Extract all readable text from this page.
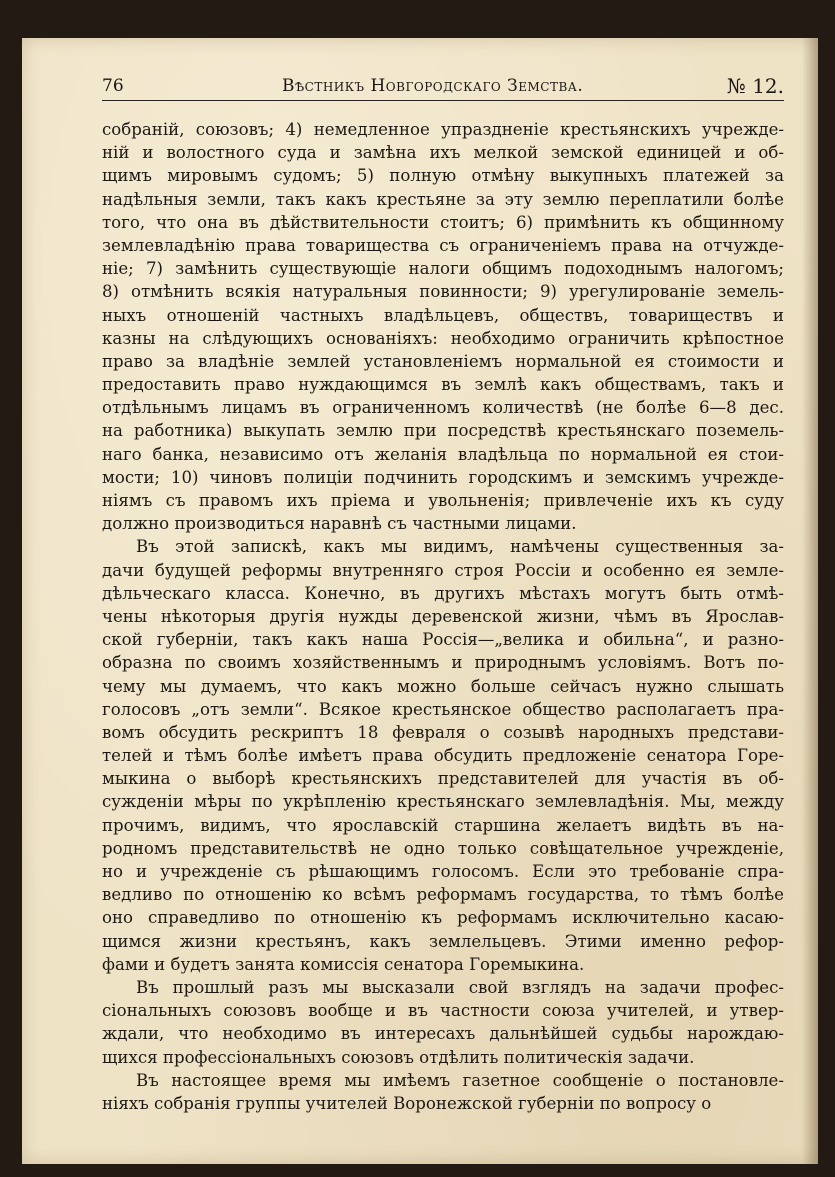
76	Вѣстникъ Новгородскаго Земства.	№ 12.
собраній, союзовъ; 4) немедленное упраздненіе крестьянскихъ учрежде-
ній и волостного суда и замѣна ихъ мелкой земской единицей и об-
щимъ мировымъ судомъ; 5) полную отмѣну выкупныхъ платежей за
надѣльныя земли, такъ какъ крестьяне за эту землю переплатили болѣе
того, что она въ дѣйствительности стоитъ; 6) примѣнить къ общинному
землевладѣнію права товарищества съ ограниченіемъ права на отчужде-
ніе; 7) замѣнить существующіе налоги общимъ подоходнымъ налогомъ;
8) отмѣнить всякія натуральныя повинности; 9) урегулированіе земель-
ныхъ отношеній частныхъ владѣльцевъ, обществъ, товариществъ и
казны на слѣдующихъ основаніяхъ: необходимо ограничить крѣпостное
право за владѣніе землей установленіемъ нормальной ея стоимости и
предоставить право нуждающимся въ землѣ какъ обществамъ, такъ и
отдѣльнымъ лицамъ въ ограниченномъ количествѣ (не болѣе 6—8 дес.
на работника) выкупать землю при посредствѣ крестьянскаго поземель-
наго банка, независимо отъ желанія владѣльца по нормальной ея стои-
мости; 10) чиновъ полиціи подчинить городскимъ и земскимъ учрежде-
ніямъ съ правомъ ихъ пріема и увольненія; привлеченіе ихъ къ суду
должно производиться наравнѣ съ частными лицами.
Въ этой запискѣ, какъ мы видимъ, намѣчены существенныя за-
дачи будущей реформы внутренняго строя Россіи и особенно ея земле-
дѣльческаго класса. Конечно, въ другихъ мѣстахъ могутъ быть отмѣ-
чены нѣкоторыя другія нужды деревенской жизни, чѣмъ въ Ярослав-
ской губерніи, такъ какъ наша Россія—„велика и обильна“, и разно-
образна по своимъ хозяйственнымъ и природнымъ условіямъ. Вотъ по-
чему мы думаемъ, что какъ можно больше сейчасъ нужно слышать
голосовъ „отъ земли“. Всякое крестьянское общество располагаетъ пра-
вомъ обсудить рескриптъ 18 февраля о созывѣ народныхъ представи-
телей и тѣмъ болѣе имѣетъ права обсудить предложеніе сенатора Горе-
мыкина о выборѣ крестьянскихъ представителей для участія въ об-
сужденіи мѣры по укрѣпленію крестьянскаго землевладѣнія. Мы, между
прочимъ, видимъ, что ярославскій старшина желаетъ видѣть въ на-
родномъ представительствѣ не одно только совѣщательное учрежденіе,
но и учрежденіе съ рѣшающимъ голосомъ. Если это требованіе спра-
ведливо по отношенію ко всѣмъ реформамъ государства, то тѣмъ болѣе
оно справедливо по отношенію къ реформамъ исключительно касаю-
щимся жизни крестьянъ, какъ землельцевъ. Этими именно рефор-
фами и будетъ занята комиссія сенатора Горемыкина.
Въ прошлый разъ мы высказали свой взглядъ на задачи профес-
сіональныхъ союзовъ вообще и въ частности союза учителей, и утвер-
ждали, что необходимо въ интересахъ дальнѣйшей судьбы нарождаю-
щихся профессіональныхъ союзовъ отдѣлить политическія задачи.
Въ настоящее время мы имѣемъ газетное сообщеніе о постановле-
ніяхъ собранія группы учителей Воронежской губерніи по вопросу о
